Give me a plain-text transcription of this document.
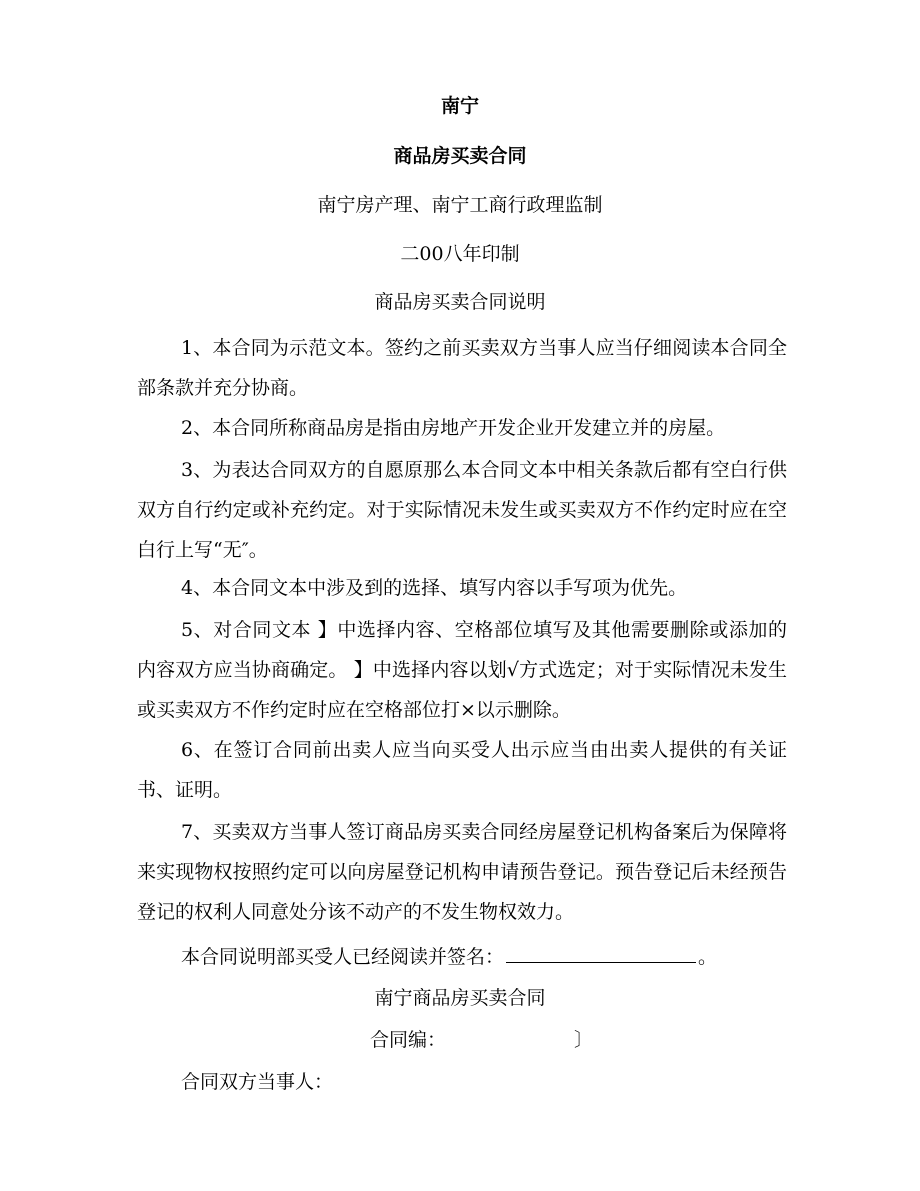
南宁
商品房买卖合同
南宁房产理、南宁工商行政理监制
二00八年印制
商品房买卖合同说明

1、本合同为示范文本。签约之前买卖双方当事人应当仔细阅读本合同全部条款并充分协商。

2、本合同所称商品房是指由房地产开发企业开发建立并的房屋。

3、为表达合同双方的自愿原那么本合同文本中相关条款后都有空白行供双方自行约定或补充约定。对于实际情况未发生或买卖双方不作约定时应在空白行上写“无″。

4、本合同文本中涉及到的选择、填写内容以手写项为优先。

5、对合同文本 】中选择内容、空格部位填写及其他需要删除或添加的内容双方应当协商确定。 】中选择内容以划√方式选定；对于实际情况未发生或买卖双方不作约定时应在空格部位打×以示删除。

6、在签订合同前出卖人应当向买受人出示应当由出卖人提供的有关证书、证明。

7、买卖双方当事人签订商品房买卖合同经房屋登记机构备案后为保障将来实现物权按照约定可以向房屋登记机构申请预告登记。预告登记后未经预告登记的权利人同意处分该不动产的不发生物权效力。

本合同说明部买受人已经阅读并签名：	。
南宁商品房买卖合同
合同编：	〕
合同双方当事人：
